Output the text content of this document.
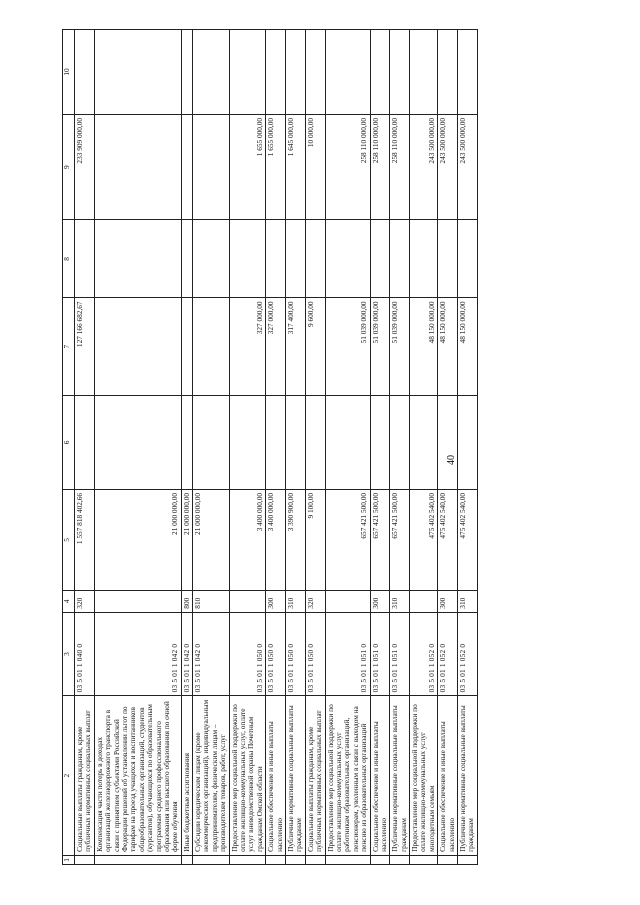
40
1	2	3	4	5	6	7	8	9	10
	Социальные выплаты гражданам, кроме публичных нормативных социальных выплат	03 5 01 1 040 0	320	1 557 818 402,66		127 166 682,67		233 909 000,00	
	Компенсация части потерь в доходах организаций железнодорожного транспорта в связи с принятием субъектами Российской Федерации решений об установлении льгот по тарифам на проезд учащихся и воспитанников общеобразовательных организаций, студентов (курсантов), обучающихся по образовательным программам среднего профессионального образования или высшего образования по очной форме обучения	03 5 01 1 042 0		21 000 000,00					
	Иные бюджетные ассигнования	03 5 01 1 042 0	800	21 000 000,00					
	Субсидии юридическим лицам (кроме некоммерческих организаций), индивидуальным предпринимателям, физическим лицам – производителям товаров, работ, услуг	03 5 01 1 042 0	810	21 000 000,00					
	Предоставление мер социальной поддержки по оплате жилищно-коммунальных услуг, оплате услуг вневедомственной охраны Почетным гражданам Омской области	03 5 01 1 050 0		3 400 000,00		327 000,00		1 655 000,00	
	Социальное обеспечение и иные выплаты населению	03 5 01 1 050 0	300	3 400 000,00		327 000,00		1 655 000,00	
	Публичные нормативные социальные выплаты гражданам	03 5 01 1 050 0	310	3 390 900,00		317 400,00		1 645 000,00	
	Социальные выплаты гражданам, кроме публичных нормативных социальных выплат	03 5 01 1 050 0	320	9 100,00		9 600,00		10 000,00	
	Предоставление мер социальной поддержки по оплате жилищно-коммунальных услуг работникам образовательных организаций, пенсионерам, уволенным в связи с выходом на пенсию из образовательных организаций	03 5 01 1 051 0		657 421 500,00		51 039 000,00		258 110 000,00	
	Социальное обеспечение и иные выплаты населению	03 5 01 1 051 0	300	657 421 500,00		51 039 000,00		258 110 000,00	
	Публичные нормативные социальные выплаты гражданам	03 5 01 1 051 0	310	657 421 500,00		51 039 000,00		258 110 000,00	
	Предоставление мер социальной поддержки по оплате жилищно-коммунальных услуг многодетным семьям	03 5 01 1 052 0		475 402 540,00		48 150 000,00		243 500 000,00	
	Социальное обеспечение и иные выплаты населению	03 5 01 1 052 0	300	475 402 540,00		48 150 000,00		243 500 000,00	
	Публичные нормативные социальные выплаты гражданам	03 5 01 1 052 0	310	475 402 540,00		48 150 000,00		243 500 000,00	
